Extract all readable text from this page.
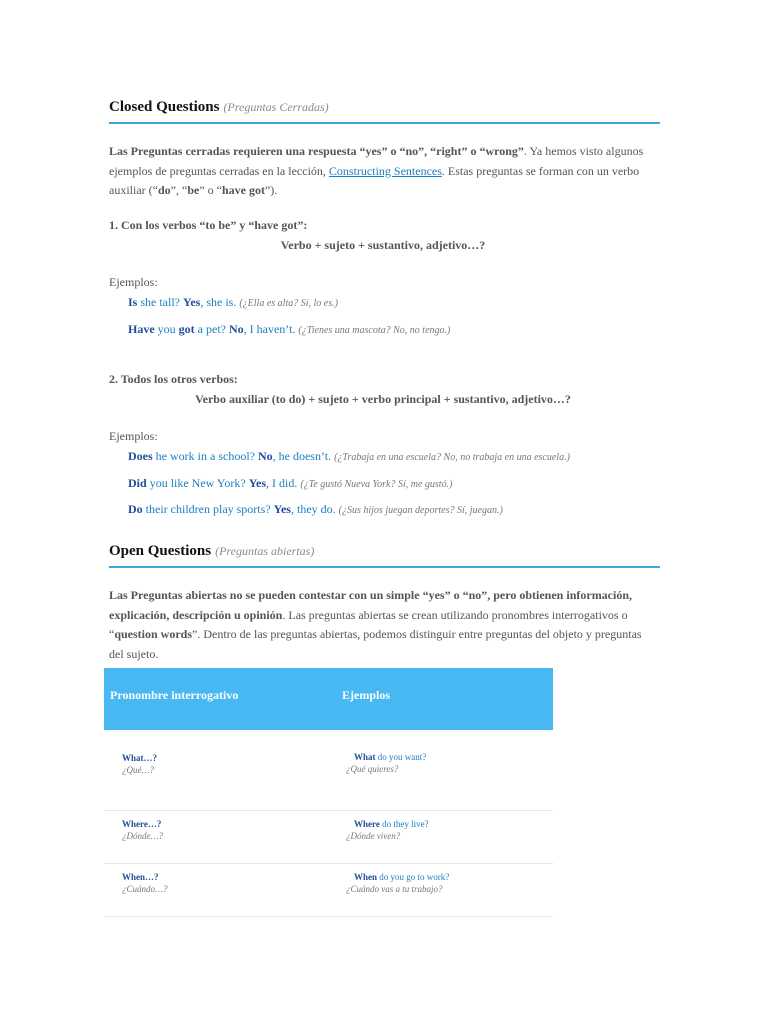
Closed Questions (Preguntas Cerradas)
Las Preguntas cerradas requieren una respuesta “yes” o “no”, “right” o “wrong”. Ya hemos visto algunos ejemplos de preguntas cerradas en la lección, Constructing Sentences. Estas preguntas se forman con un verbo auxiliar (“do”, “be” o “have got”).
1. Con los verbos “to be” y “have got”:
Verbo + sujeto + sustantivo, adjetivo…?
Ejemplos:
Is she tall? Yes, she is. (¿Ella es alta? Sí, lo es.)
Have you got a pet? No, I haven’t. (¿Tienes una mascota? No, no tengo.)
2. Todos los otros verbos:
Verbo auxiliar (to do) + sujeto + verbo principal + sustantivo, adjetivo…?
Ejemplos:
Does he work in a school? No, he doesn’t. (¿Trabaja en una escuela? No, no trabaja en una escuela.)
Did you like New York? Yes, I did. (¿Te gustó Nueva York? Sí, me gustó.)
Do their children play sports? Yes, they do. (¿Sus hijos juegan deportes? Sí, juegan.)
Open Questions (Preguntas abiertas)
Las Preguntas abiertas no se pueden contestar con un simple “yes” o “no”, pero obtienen información, explicación, descripción u opinión. Las preguntas abiertas se crean utilizando pronombres interrogativos o “question words”. Dentro de las preguntas abiertas, podemos distinguir entre preguntas del objeto y preguntas del sujeto.
Pronombre interrogativo	Ejemplos
What…?
¿Qué…?
What do you want?
¿Qué quieres?
Where…?
¿Dónde…?
Where do they live?
¿Dónde viven?
When…?
¿Cuándo…?
When do you go to work?
¿Cuándo vas a tu trabajo?
